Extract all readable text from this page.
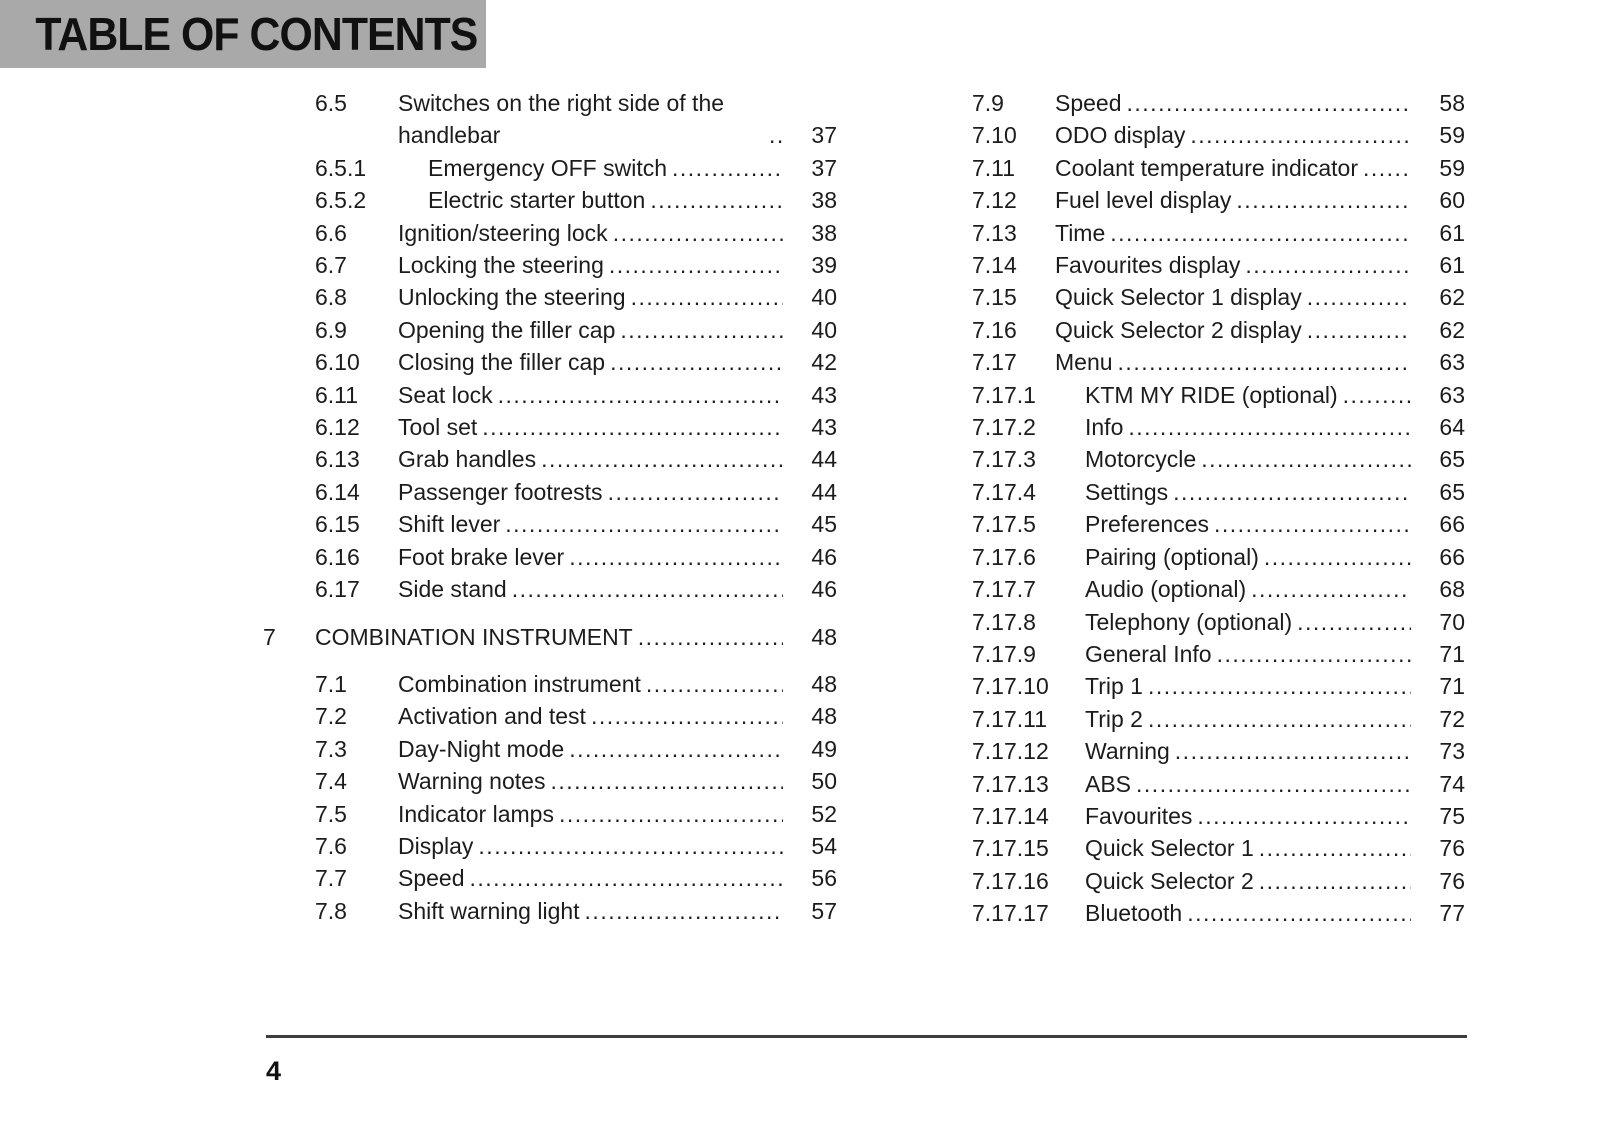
TABLE OF CONTENTS
6.5	Switches on the right side of the handlebar .....	37
6.5.1	Emergency OFF switch .....	37
6.5.2	Electric starter button .....	38
6.6	Ignition/steering lock .....	38
6.7	Locking the steering .....	39
6.8	Unlocking the steering .....	40
6.9	Opening the filler cap .....	40
6.10	Closing the filler cap .....	42
6.11	Seat lock .....	43
6.12	Tool set .....	43
6.13	Grab handles .....	44
6.14	Passenger footrests .....	44
6.15	Shift lever .....	45
6.16	Foot brake lever .....	46
6.17	Side stand .....	46
7	COMBINATION INSTRUMENT .....	48
7.1	Combination instrument .....	48
7.2	Activation and test .....	48
7.3	Day-Night mode .....	49
7.4	Warning notes .....	50
7.5	Indicator lamps .....	52
7.6	Display .....	54
7.7	Speed .....	56
7.8	Shift warning light .....	57
7.9	Speed .....	58
7.10	ODO display .....	59
7.11	Coolant temperature indicator .....	59
7.12	Fuel level display .....	60
7.13	Time .....	61
7.14	Favourites display .....	61
7.15	Quick Selector 1 display .....	62
7.16	Quick Selector 2 display .....	62
7.17	Menu .....	63
7.17.1	KTM MY RIDE (optional) .....	63
7.17.2	Info .....	64
7.17.3	Motorcycle .....	65
7.17.4	Settings .....	65
7.17.5	Preferences .....	66
7.17.6	Pairing (optional) .....	66
7.17.7	Audio (optional) .....	68
7.17.8	Telephony (optional) .....	70
7.17.9	General Info .....	71
7.17.10	Trip 1 .....	71
7.17.11	Trip 2 .....	72
7.17.12	Warning .....	73
7.17.13	ABS .....	74
7.17.14	Favourites .....	75
7.17.15	Quick Selector 1 .....	76
7.17.16	Quick Selector 2 .....	76
7.17.17	Bluetooth .....	77
4
